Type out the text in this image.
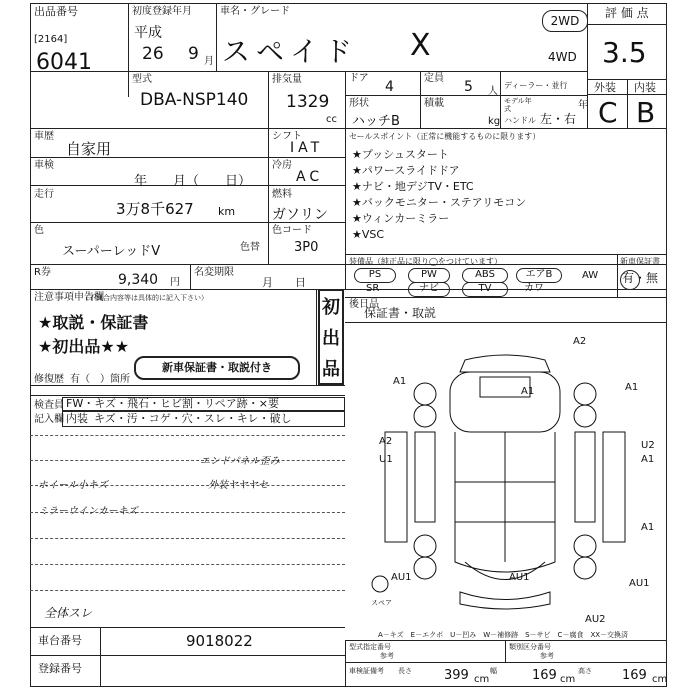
出品番号
[2164]
6041
初度登録年月
平成
26 9 月
車名・グレード
スペイド X
2WD
4WD
評 価 点
3.5
外装 内装
C B
型式
DBA-NSP140
排気量
1329
cc
ドア
4
定員
5 人
ディーラー・並行
形状
ハッチB
積載
kg
モデル年式	年
ハンドル 左・右
車歴
自家用
車検
年　　月（　　日）
走行
3万8千627 km
色
スーパーレッドV	色替
シフト
IAT
冷房
AC
燃料
ガソリン
色コード
3P0
R券	9,340 円
名変期限
月　　日
セールスポイント（正常に機能するものに限ります）
★プッシュスタート
★パワースライドドア
★ナビ・地デジTV・ETC
★バックモニター・ステアリモコン
★ウィンカーミラー
★VSC
装備品（純正品に限り◯をつけています）
PS	PW	ABS	エアB	AW
SR	ナビ	TV	カワ
新車保証書
有・無
後日品
保証書・取説
注意事項申告欄
（不具合内容等は具体的に記入下さい）
★取説・保証書
★初出品★★
新車保証書・取説付き
修復歴 有（　）箇所
初
出
品
検査員
記入欄
FW・キズ・飛石・ヒビ割・リペア跡・×要
内装 キズ・汚・コゲ・穴・スレ・キレ・破し
エンドパネル歪み
ホイール小キズ	外装ヤヤヤセ
ミラーウインカーキズ
全体スレ
A2
A1
A1	A1
A2
U1
U2
A1
A1
AU1	AU1
AU1
AU2
スペア
A－キズ　E－エクボ　U－凹み　W－補修跡　S－サビ　C－腐食　XX－交換済
車台番号	9018022
登録番号
型式指定番号
参考
類別区分番号
参考
車検証備考 長さ 399 cm
幅	169 cm
高さ 169 cm
